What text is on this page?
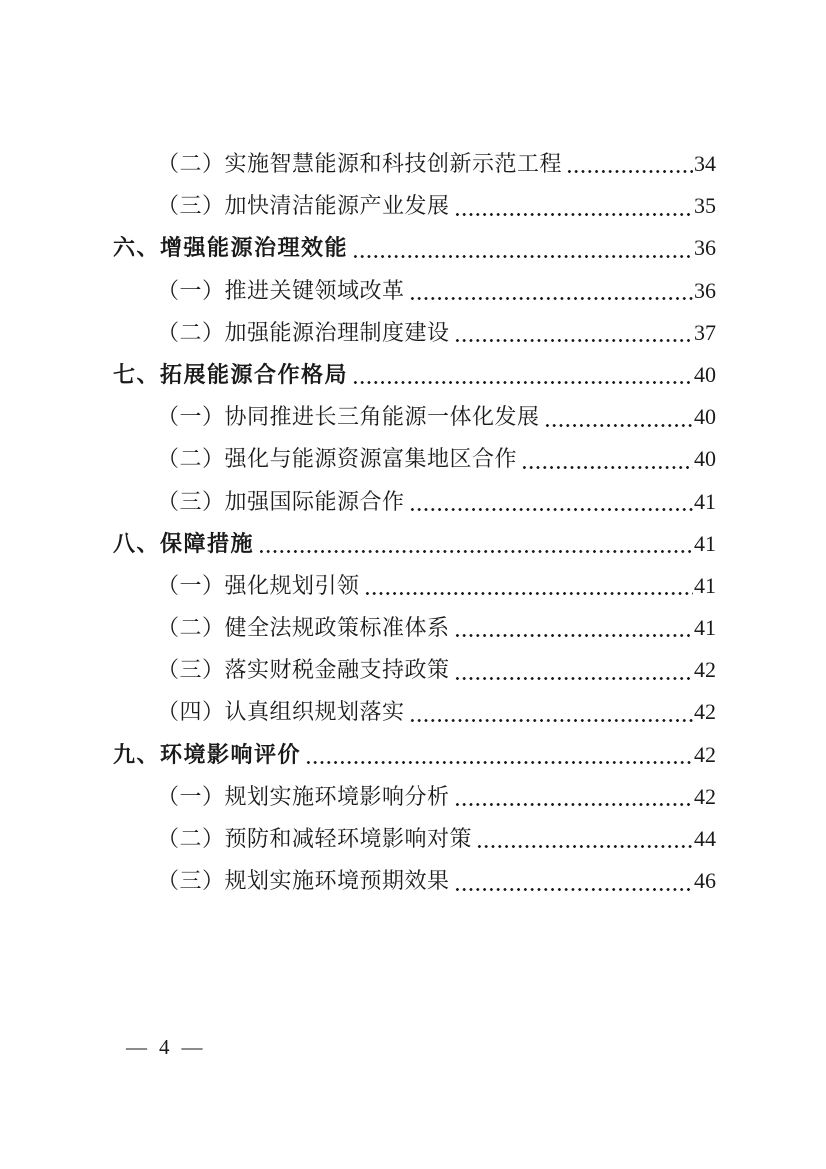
（二）实施智慧能源和科技创新示范工程	34
（三）加快清洁能源产业发展	35
六、增强能源治理效能	36
（一）推进关键领域改革	36
（二）加强能源治理制度建设	37
七、拓展能源合作格局	40
（一）协同推进长三角能源一体化发展	40
（二）强化与能源资源富集地区合作	40
（三）加强国际能源合作	41
八、保障措施	41
（一）强化规划引领	41
（二）健全法规政策标准体系	41
（三）落实财税金融支持政策	42
（四）认真组织规划落实	42
九、环境影响评价	42
（一）规划实施环境影响分析	42
（二）预防和减轻环境影响对策	44
（三）规划实施环境预期效果	46
— 4 —
